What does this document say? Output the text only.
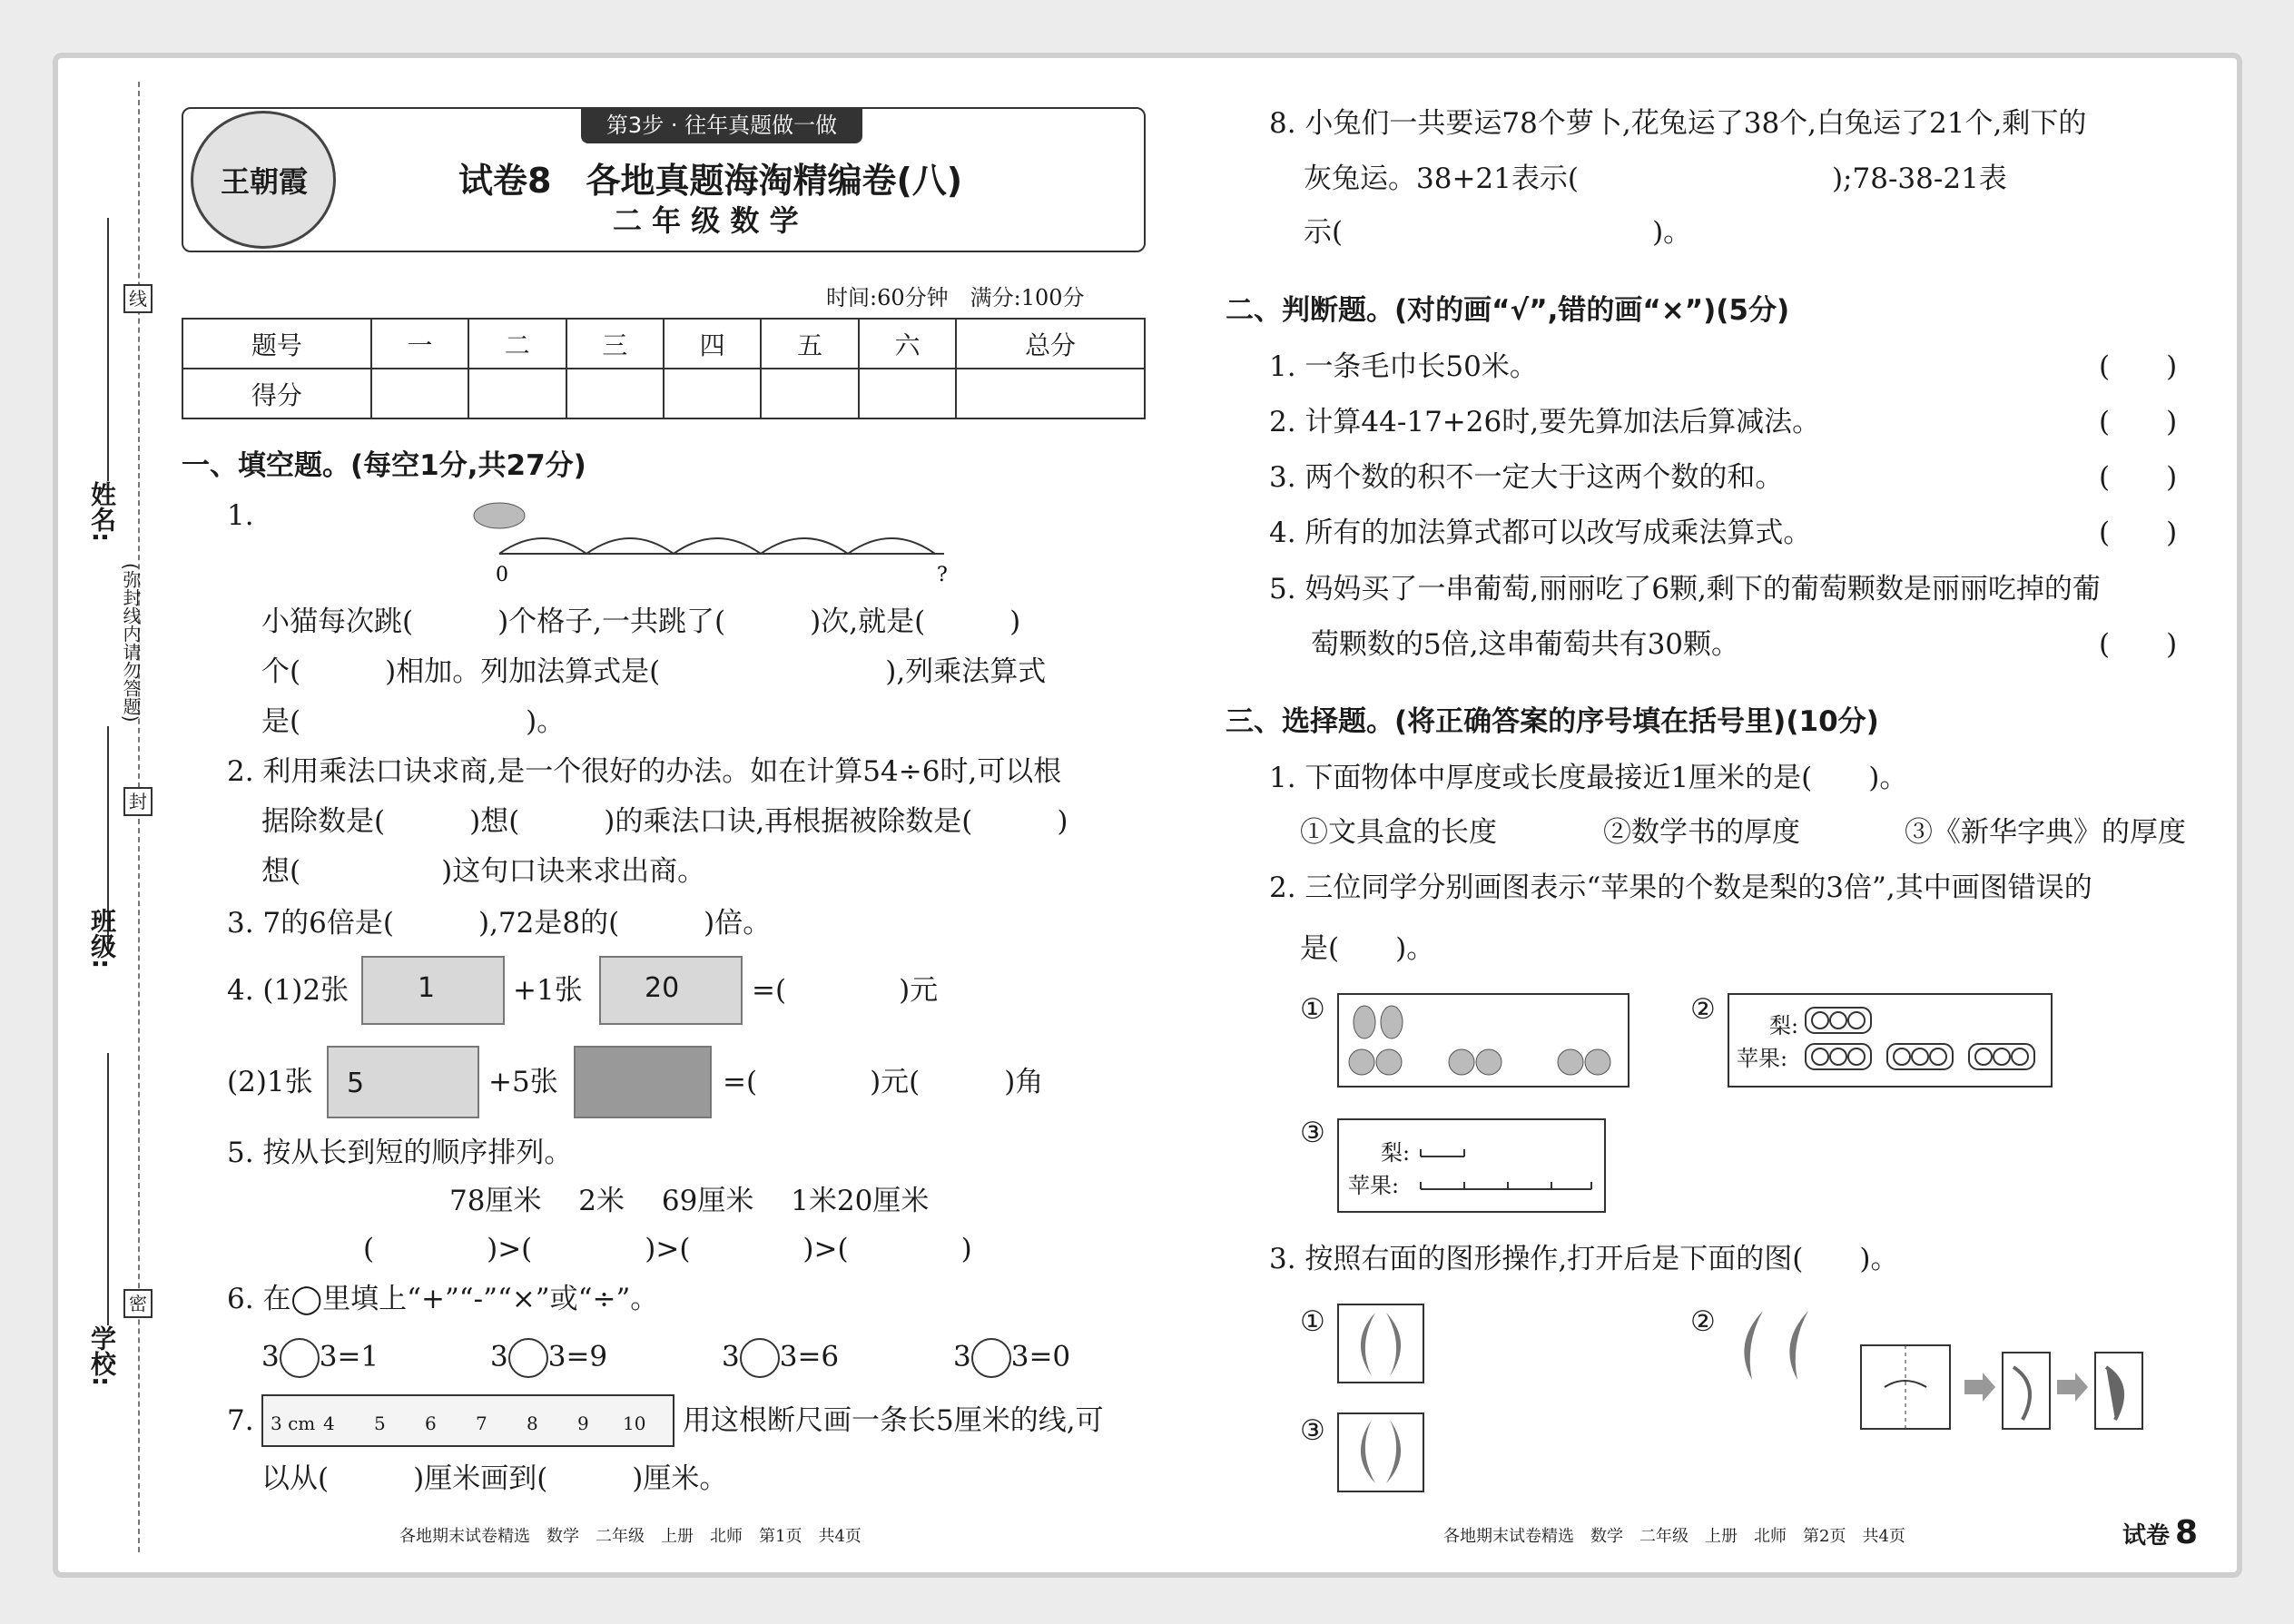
线
封
密
(弥封线内请勿答题)
姓名:
班级:
学校:
第3步 · 往年真题做一做
王朝霞	试卷8　各地真题海淘精编卷(八)
二 年 级 数 学
时间:60分钟　满分:100分
题号	一	二	三	四	五	六	总分
得分							
一、填空题。(每空1分,共27分)
1.
0	?
小猫每次跳(　　　)个格子,一共跳了(　　　)次,就是(　　　)
个(　　　)相加。列加法算式是(　　　　　　　　),列乘法算式
是(　　　　　　　　)。
2. 利用乘法口诀求商,是一个很好的办法。如在计算54÷6时,可以根
据除数是(　　　)想(　　　)的乘法口诀,再根据被除数是(　　　)
想(　　　　　)这句口诀来求出商。
3. 7的6倍是(　　　),72是8的(　　　)倍。
4. (1)2张	1	+1张 20	=(　　　　)元
(2)1张 5	+5张	=(　　　　)元(　　　)角
5. 按从长到短的顺序排列。
78厘米　 2米　 69厘米　 1米20厘米
(　　　　)>(　　　　)>(　　　　)>(　　　　)
6. 在◯里填上“+”“-”“×”或“÷”。
3 3=1	3 3=9	3 3=6	3 3=0
7. 3 cm 4 5 6 7 8 9 10 用这根断尺画一条长5厘米的线,可
以从(　　　)厘米画到(　　　)厘米。
各地期末试卷精选　数学　二年级　上册　北师　第1页　共4页
8. 小兔们一共要运78个萝卜,花兔运了38个,白兔运了21个,剩下的
灰兔运。38+21表示(　　　　　　　　　);78-38-21表
示(　　　　　　　　　　　)。
二、判断题。(对的画“√”,错的画“×”)(5分)
1. 一条毛巾长50米。	(　　)
2. 计算44-17+26时,要先算加法后算减法。	(　　)
3. 两个数的积不一定大于这两个数的和。	(　　)
4. 所有的加法算式都可以改写成乘法算式。	(　　)
5. 妈妈买了一串葡萄,丽丽吃了6颗,剩下的葡萄颗数是丽丽吃掉的葡
萄颗数的5倍,这串葡萄共有30颗。	(　　)
三、选择题。(将正确答案的序号填在括号里)(10分)
1. 下面物体中厚度或长度最接近1厘米的是(　　)。
①文具盒的长度	②数学书的厚度	③《新华字典》的厚度
2. 三位同学分别画图表示“苹果的个数是梨的3倍”,其中画图错误的
是(　　)。
①	② 梨:
苹果:
③
梨:
苹果:
3. 按照右面的图形操作,打开后是下面的图(　　)。
①	②
③
各地期末试卷精选　数学　二年级　上册　北师　第2页　共4页	试卷 8
